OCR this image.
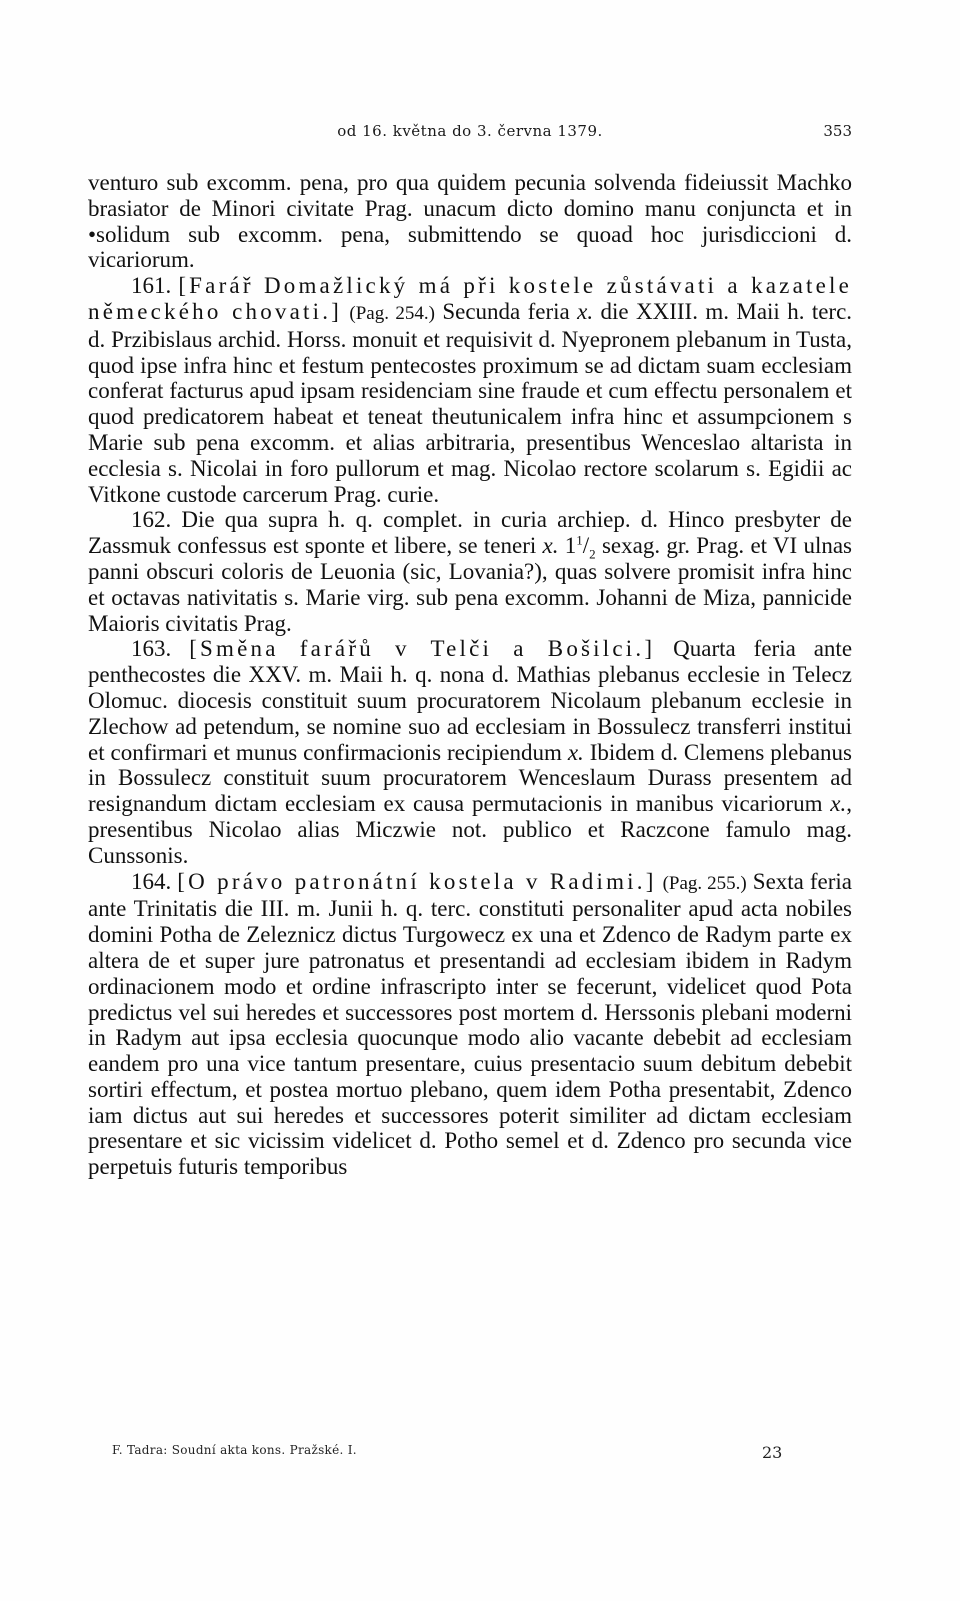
od 16. května do 3. června 1379.	353

venturo sub excomm. pena, pro qua quidem pecunia solvenda fideiussit Machko brasiator de Minori civitate Prag. unacum dicto domino manu conjuncta et in •solidum sub excomm. pena, submittendo se quoad hoc jurisdiccioni d. vicariorum.

161. [Farář Domažlický má při kostele zůstávati a kazatele německého chovati.] (Pag. 254.) Secunda feria x. die XXIII. m. Maii h. terc. d. Przibislaus archid. Horss. monuit et requisivit d. Nyepronem plebanum in Tusta, quod ipse infra hinc et festum pentecostes proximum se ad dictam suam ecclesiam conferat facturus apud ipsam residenciam sine fraude et cum effectu personalem et quod predicatorem habeat et teneat theutunicalem infra hinc et assumpcionem s Marie sub pena excomm. et alias arbitraria, presentibus Wenceslao altarista in ecclesia s. Nicolai in foro pullorum et mag. Nicolao rectore scolarum s. Egidii ac Vitkone custode carcerum Prag. curie.

162. Die qua supra h. q. complet. in curia archiep. d. Hinco presbyter de Zassmuk confessus est sponte et libere, se teneri x. $1^1/_2$ sexag. gr. Prag. et VI ulnas panni obscuri coloris de Leuonia (sic, Lovania?), quas solvere promisit infra hinc et octavas nativitatis s. Marie virg. sub pena excomm. Johanni de Miza, pannicide Maioris civitatis Prag.

163. [Směna farářů v Telči a Bošilci.] Quarta feria ante penthecostes die XXV. m. Maii h. q. nona d. Mathias plebanus ecclesie in Telecz Olomuc. diocesis constituit suum procuratorem Nicolaum plebanum ecclesie in Zlechow ad petendum, se nomine suo ad ecclesiam in Bossulecz transferri institui et confirmari et munus confirmacionis recipiendum x. Ibidem d. Clemens plebanus in Bossulecz constituit suum procuratorem Wenceslaum Durass presentem ad resignandum dictam ecclesiam ex causa permutacionis in manibus vicariorum x., presentibus Nicolao alias Miczwie not. publico et Raczcone famulo mag. Cunssonis.

164. [O právo patronátní kostela v Radimi.] (Pag. 255.) Sexta feria ante Trinitatis die III. m. Junii h. q. terc. constituti personaliter apud acta nobiles domini Potha de Zeleznicz dictus Turgowecz ex una et Zdenco de Radym parte ex altera de et super jure patronatus et presentandi ad ecclesiam ibidem in Radym ordinacionem modo et ordine infrascripto inter se fecerunt, videlicet quod Pota predictus vel sui heredes et successores post mortem d. Herssonis plebani moderni in Radym aut ipsa ecclesia quocunque modo alio vacante debebit ad ecclesiam eandem pro una vice tantum presentare, cuius presentacio suum debitum debebit sortiri effectum, et postea mortuo plebano, quem idem Potha presentabit, Zdenco iam dictus aut sui heredes et successores poterit similiter ad dictam ecclesiam presentare et sic vicissim videlicet d. Potho semel et d. Zdenco pro secunda vice perpetuis futuris temporibus

F. Tadra: Soudní akta kons. Pražské. I.	23
